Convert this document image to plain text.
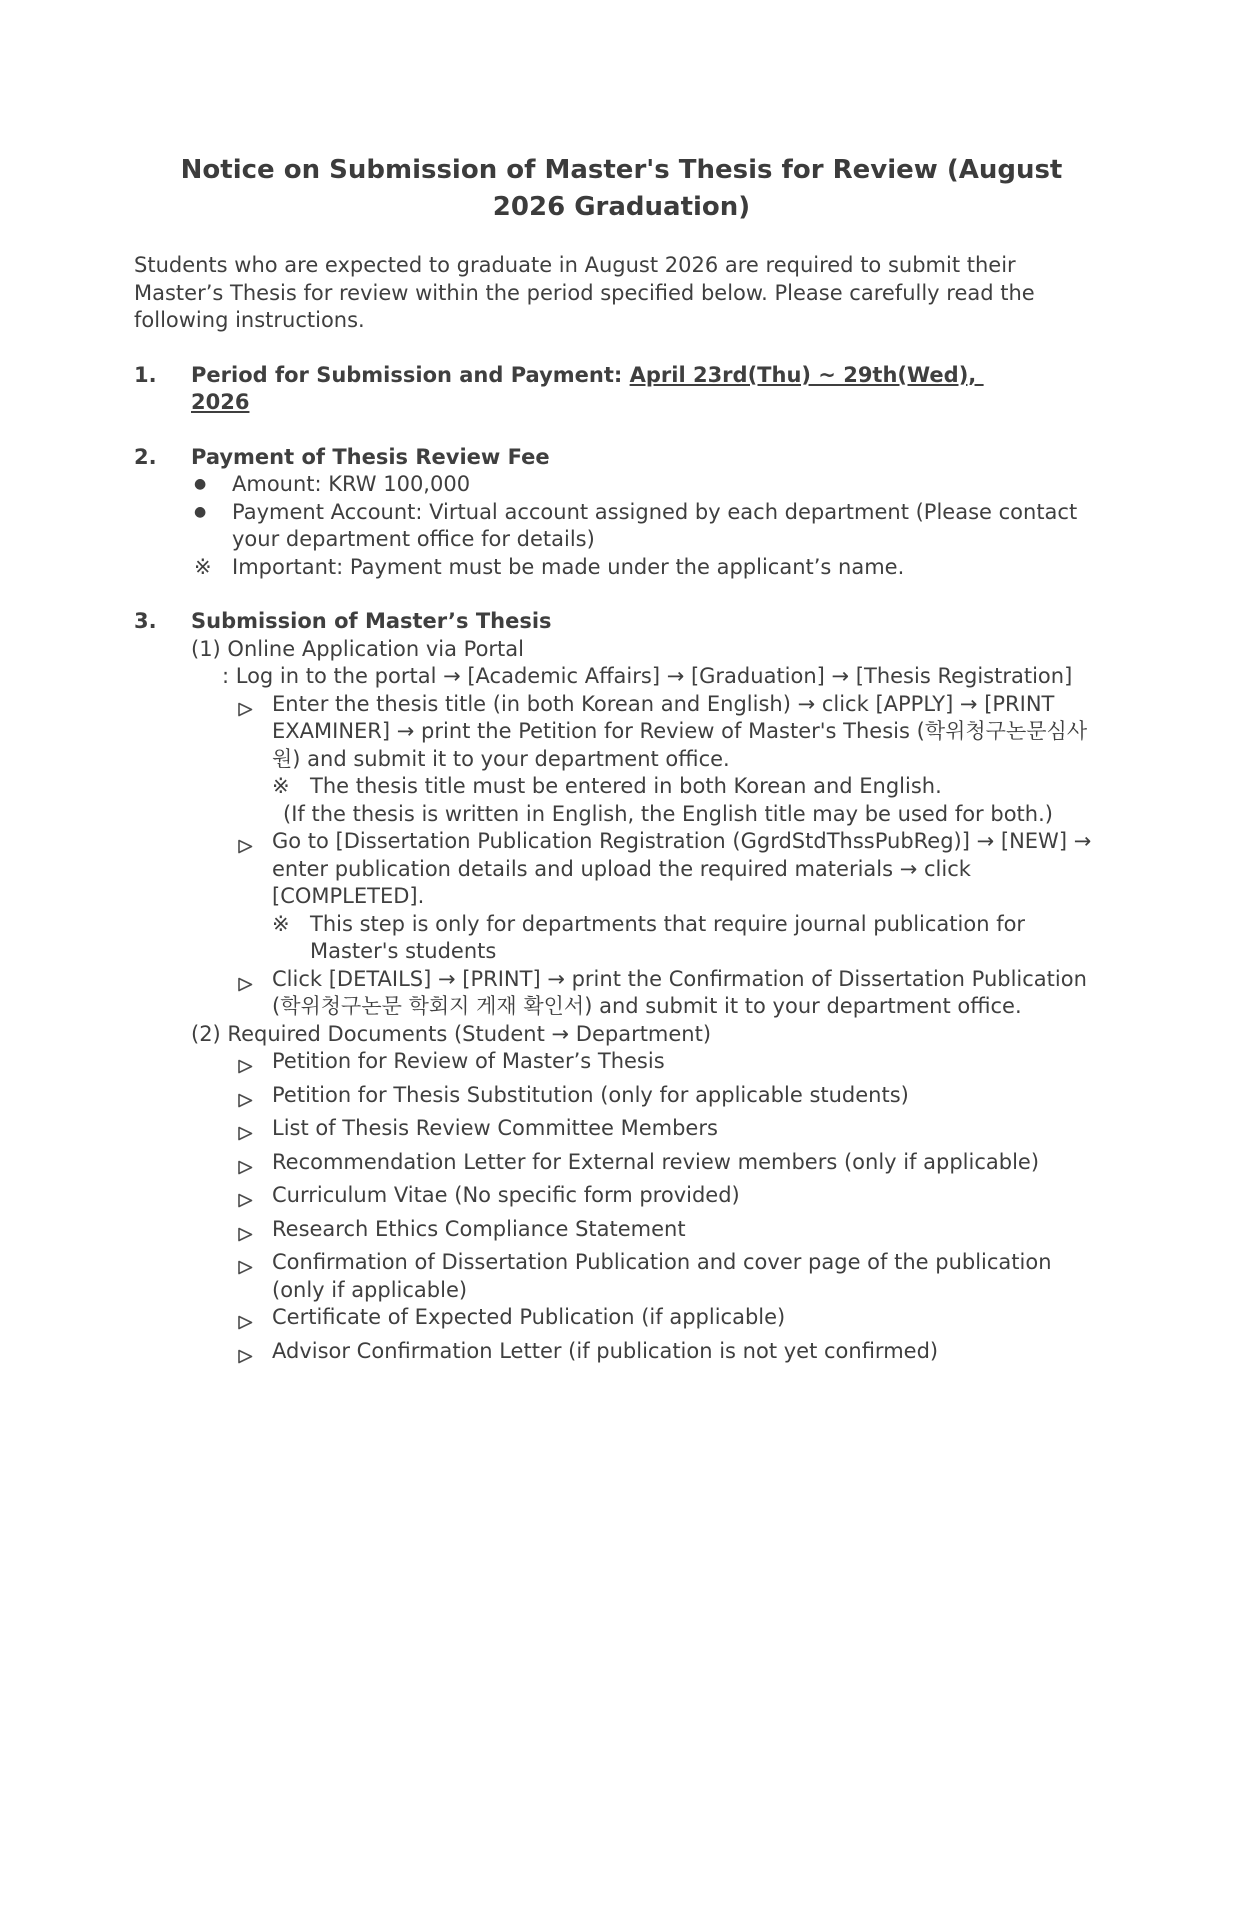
Notice on Submission of Master's Thesis for Review (August 2026 Graduation)

Students who are expected to graduate in August 2026 are required to submit their Master’s Thesis for review within the period specified below. Please carefully read the following instructions.

1.	Period for Submission and Payment: April 23rd(Thu) ~ 29th(Wed),
2026
2.	Payment of Thesis Review Fee
●	Amount: KRW 100,000
●	Payment Account: Virtual account assigned by each department (Please contact your department office for details)
※ Important: Payment must be made under the applicant’s name.
3.	Submission of Master’s Thesis
(1) Online Application via Portal
: Log in to the portal → [Academic Affairs] → [Graduation] → [Thesis Registration]
Enter the thesis title (in both Korean and English) → click [APPLY] → [PRINT EXAMINER] → print the Petition for Review of Master's Thesis (학위청구논문심사원) and submit it to your department office.
※ The thesis title must be entered in both Korean and English.
(If the thesis is written in English, the English title may be used for both.)
Go to [Dissertation Publication Registration (GgrdStdThssPubReg)] → [NEW] → enter publication details and upload the required materials → click [COMPLETED].
※ This step is only for departments that require journal publication for Master's students
Click [DETAILS] → [PRINT] → print the Confirmation of Dissertation Publication (학위청구논문 학회지 게재 확인서) and submit it to your department office.
(2) Required Documents (Student → Department)
Petition for Review of Master’s Thesis
Petition for Thesis Substitution (only for applicable students)
List of Thesis Review Committee Members
Recommendation Letter for External review members (only if applicable)
Curriculum Vitae (No specific form provided)
Research Ethics Compliance Statement
Confirmation of Dissertation Publication and cover page of the publication (only if applicable)
Certificate of Expected Publication (if applicable)
Advisor Confirmation Letter (if publication is not yet confirmed)
